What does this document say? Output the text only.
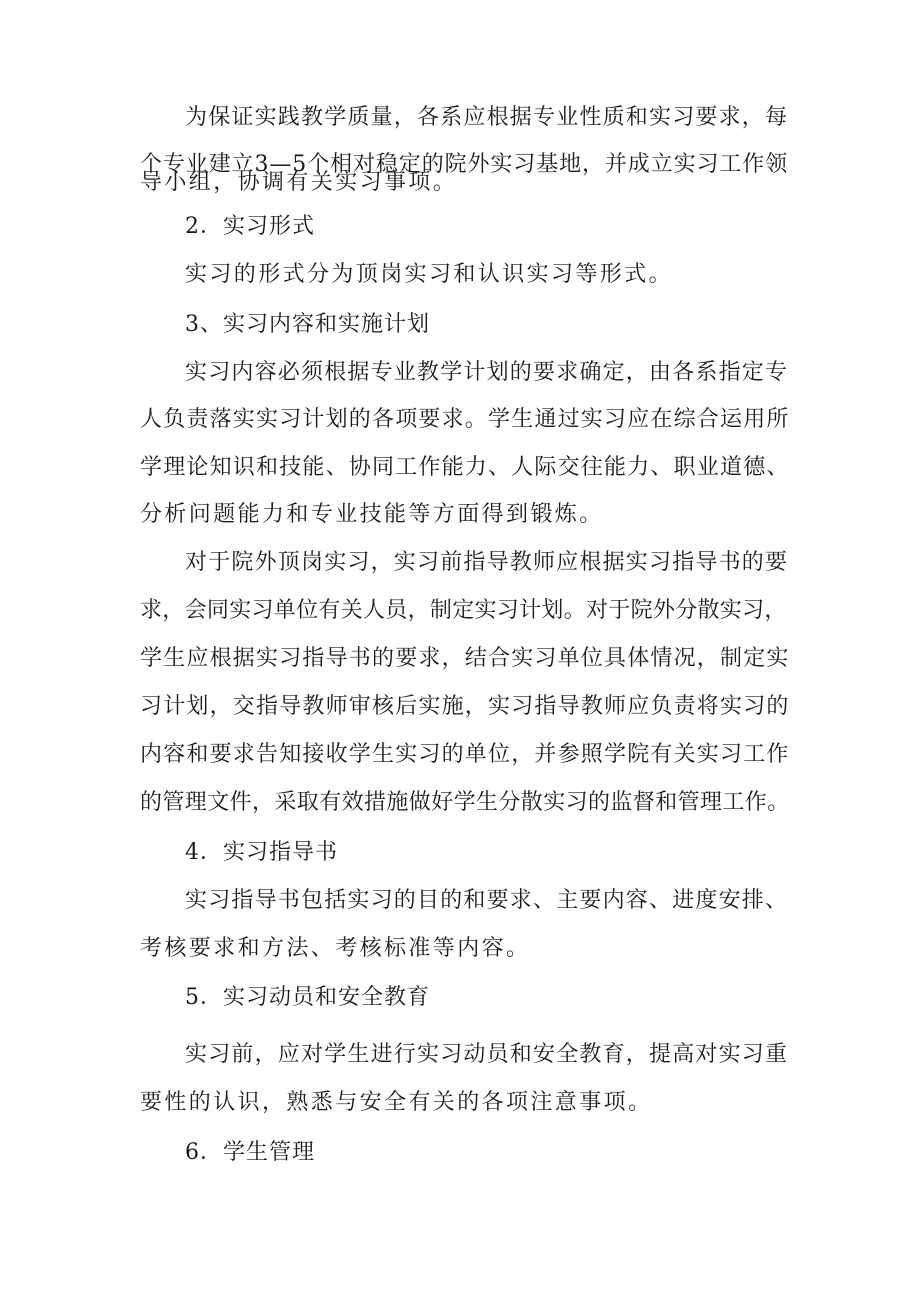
为保证实践教学质量，各系应根据专业性质和实习要求，每
个专业建立3—5个相对稳定的院外实习基地，并成立实习工作领
导小组，协调有关实习事项。
2．实习形式
实习的形式分为顶岗实习和认识实习等形式。
3、实习内容和实施计划
实习内容必须根据专业教学计划的要求确定，由各系指定专
人负责落实实习计划的各项要求。学生通过实习应在综合运用所
学理论知识和技能、协同工作能力、人际交往能力、职业道德、
分析问题能力和专业技能等方面得到锻炼。
对于院外顶岗实习，实习前指导教师应根据实习指导书的要
求，会同实习单位有关人员，制定实习计划。对于院外分散实习，
学生应根据实习指导书的要求，结合实习单位具体情况，制定实
习计划，交指导教师审核后实施，实习指导教师应负责将实习的
内容和要求告知接收学生实习的单位，并参照学院有关实习工作
的管理文件，采取有效措施做好学生分散实习的监督和管理工作。
4．实习指导书
实习指导书包括实习的目的和要求、主要内容、进度安排、
考核要求和方法、考核标准等内容。
5．实习动员和安全教育
实习前，应对学生进行实习动员和安全教育，提高对实习重
要性的认识，熟悉与安全有关的各项注意事项。
6．学生管理
